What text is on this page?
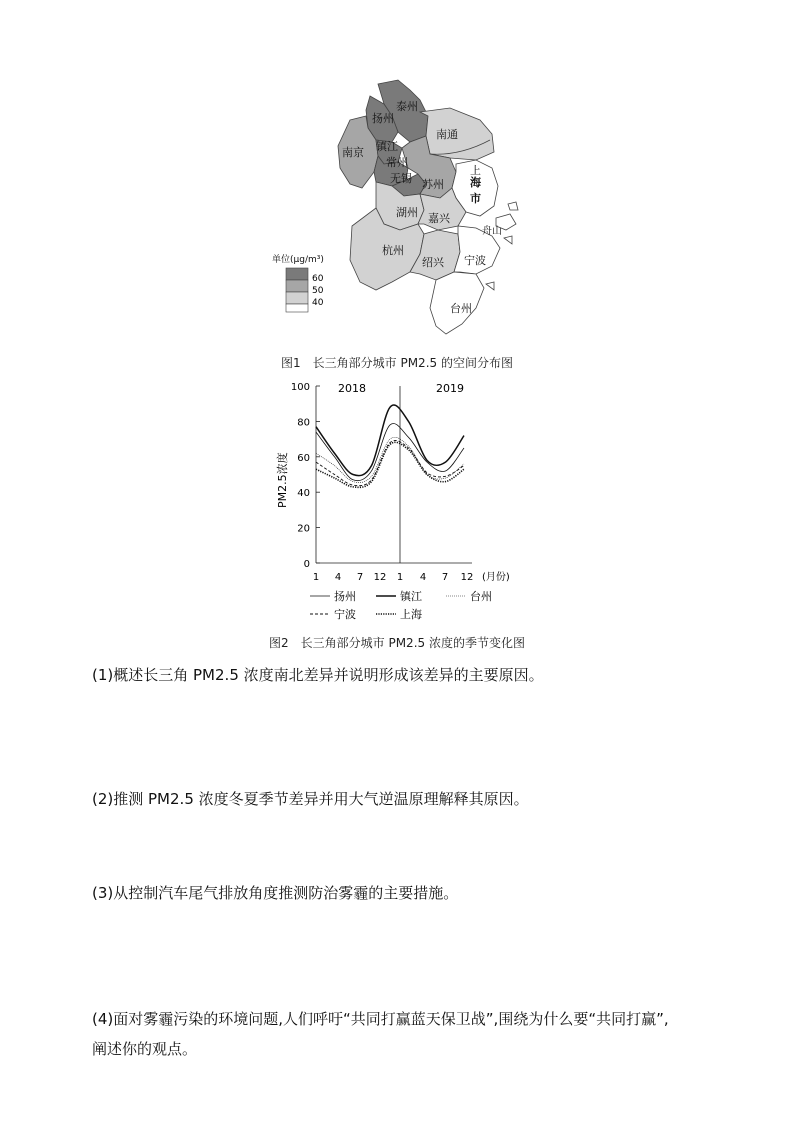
泰州
扬州
南通
南京 镇江
常州
无锡 苏州
上
海
市
湖州 嘉兴
舟山
杭州
绍兴 宁波
台州
单位(μg/m³)
60
50
40
图1　长三角部分城市 PM2.5 的空间分布图
0
20
40
60
80
100
1 4 7 12 1 4 7 12
2018	2019
PM2.5浓度
(月份)
扬州	镇江	台州
宁波	上海
图2　长三角部分城市 PM2.5 浓度的季节变化图
(1)概述长三角 PM2.5 浓度南北差异并说明形成该差异的主要原因。
(2)推测 PM2.5 浓度冬夏季节差异并用大气逆温原理解释其原因。
(3)从控制汽车尾气排放角度推测防治雾霾的主要措施。
(4)面对雾霾污染的环境问题,人们呼吁“共同打赢蓝天保卫战”,围绕为什么要“共同打赢”,
阐述你的观点。
